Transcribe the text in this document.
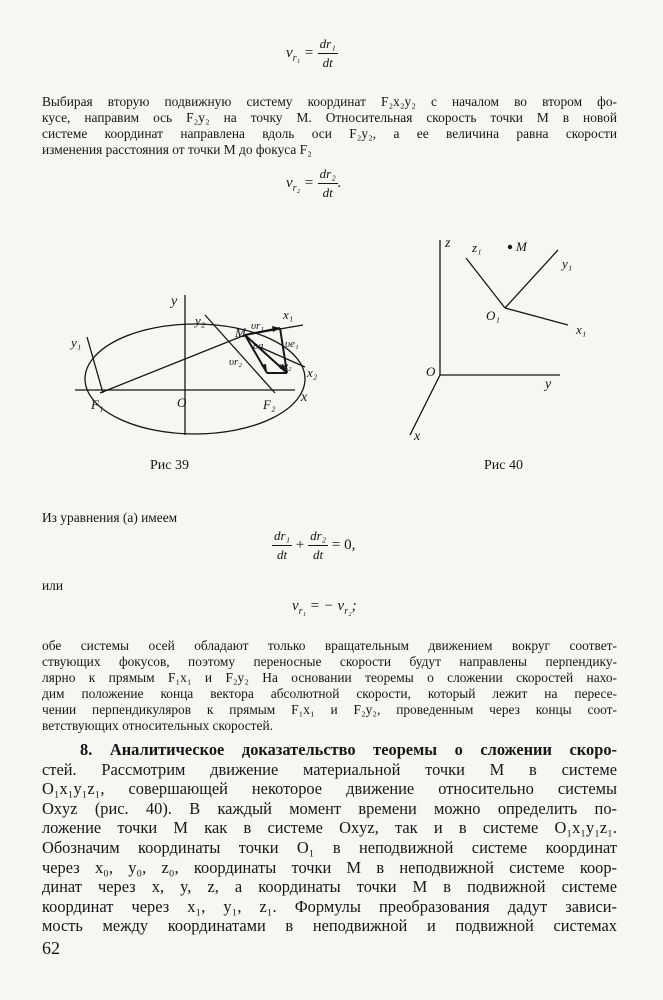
$v_{r_1} = \frac{\text{dr₁}}{dt}$
Выбирая вторую подвижную систему координат F₂x₂y₂ с началом во втором фо-
кусе, направим ось F₂y₂ на точку M. Относительная скорость точки M в новой
системе координат направлена вдоль оси F₂y₂, а ее величина равна скорости
изменения расстояния от точки M до фокуса F₂
$v_{r_2} = \frac{\text{dr₂}}{dt}$ .
y
y₂
y₁
M
x₁
x₂
x
F₁	O	F₂
υr₁
υa υe₁
υr₂	υe₂
Рис 39
z z₁	M
y₁
O₁
x₁
O
y
x
Рис 40
Из уравнения (а) имеем
$\frac{\text{dr₁}}{dt} + \frac{\text{dr₂}}{dt} = 0$,
или
$v_{r_1}$ = − $v_{r_2}$;
обе системы осей обладают только вращательным движением вокруг соответ-
ствующих фокусов, поэтому переносные скорости будут направлены перпендику-
лярно к прямым F₁x₁ и F₂y₂ На основании теоремы о сложении скоростей нахо-
дим положение конца вектора абсолютной скорости, который лежит на пересе-
чении перпендикуляров к прямым F₁x₁ и F₂y₂, проведенным через концы соот-
ветствующих относительных скоростей.
8. Аналитическое доказательство теоремы о сложении скоро-
стей. Рассмотрим движение материальной точки M в системе
O₁x₁y₁z₁, совершающей некоторое движение относительно системы
Oxyz (рис. 40). В каждый момент времени можно определить по-
ложение точки M как в системе Oxyz, так и в системе O₁x₁y₁z₁.
Обозначим координаты точки O₁ в неподвижной системе координат
через x₀, y₀, z₀, координаты точки M в неподвижной системе коор-
динат через x, y, z, а координаты точки M в подвижной системе
координат через x₁, y₁, z₁. Формулы преобразования дадут зависи-
мость между координатами в неподвижной и подвижной системах
62
